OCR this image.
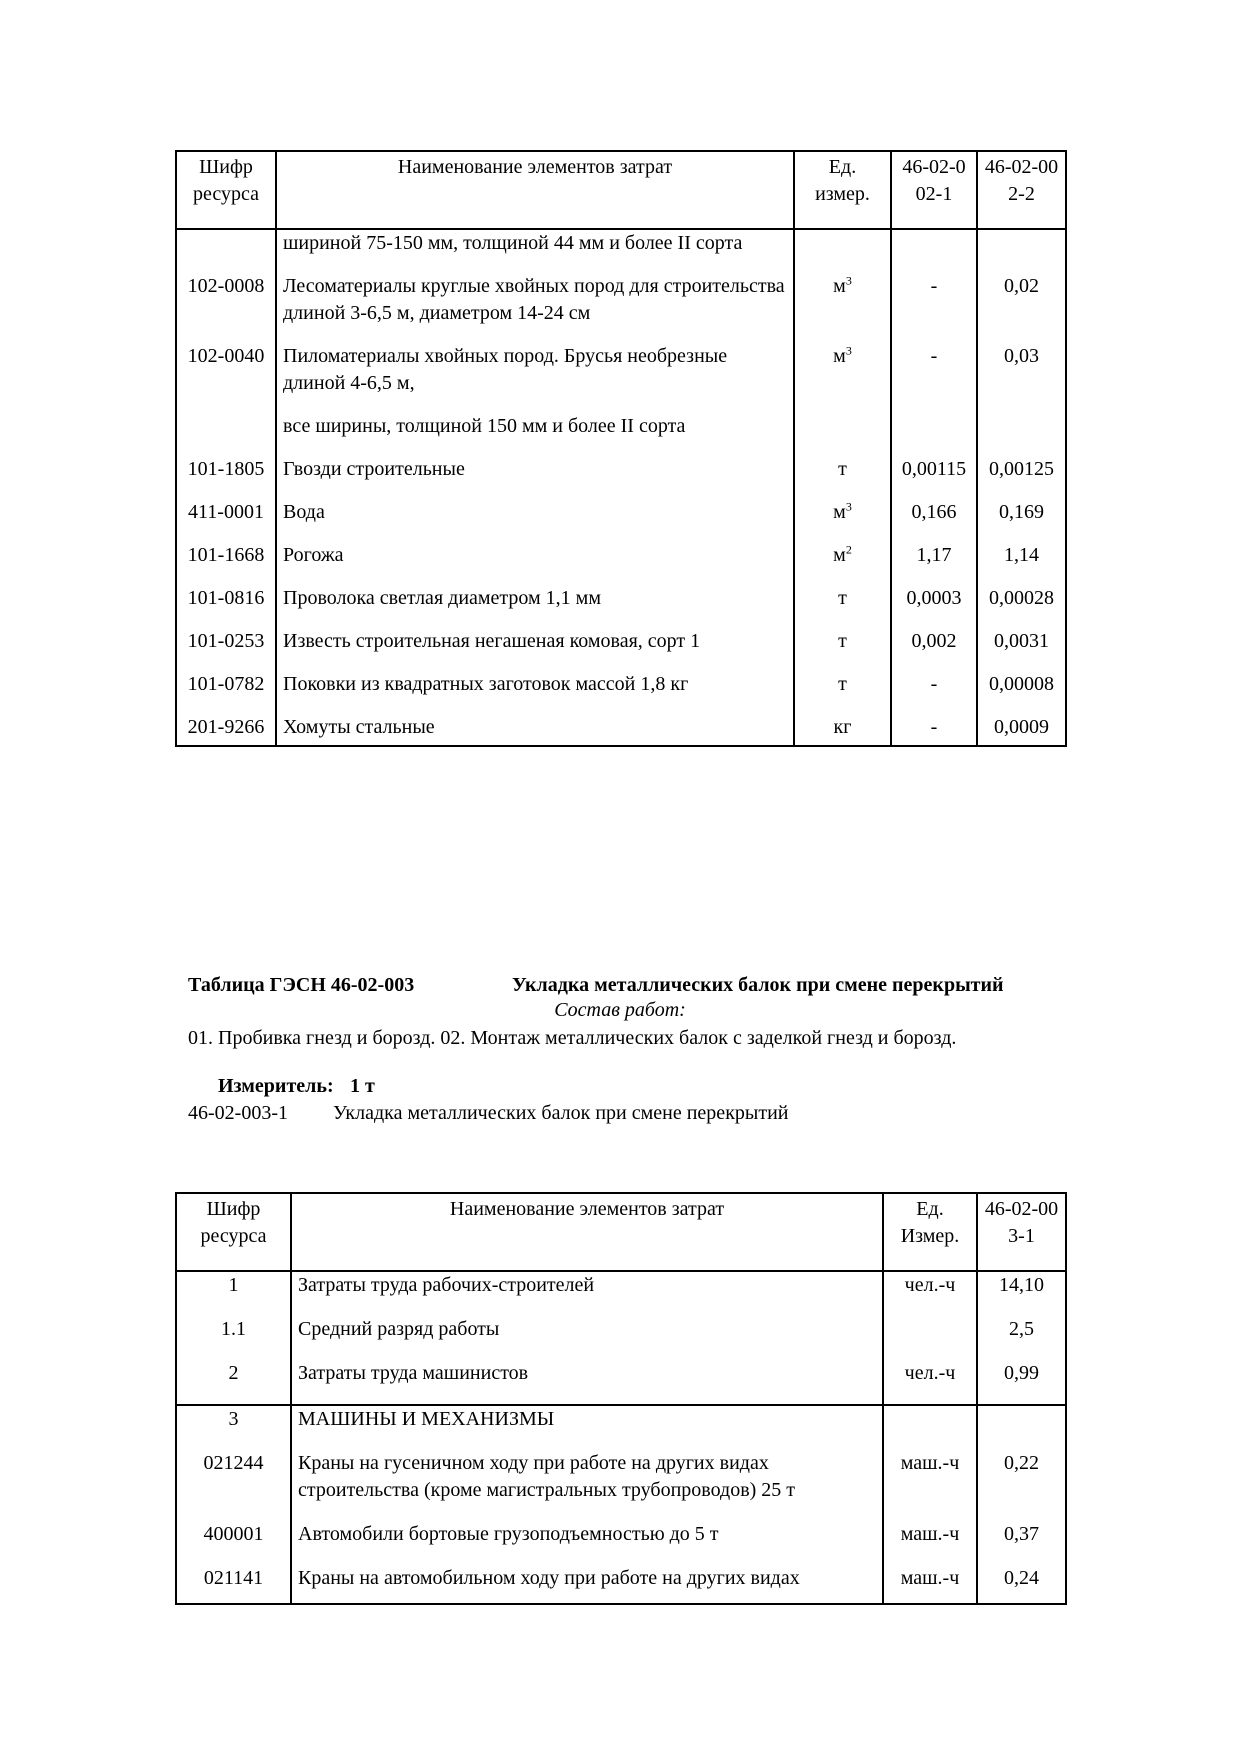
Шифр ресурса	Наименование элементов затрат	Ед. измер.	46-02-002-1	46-02-002-2
	шириной 75-150 мм, толщиной 44 мм и более II сорта			
102-0008	Лесоматериалы круглые хвойных пород для строительства длиной 3-6,5 м, диаметром 14-24 см	$м^3$	-	0,02
102-0040	Пиломатериалы хвойных пород. Брусья необрезные длиной 4-6,5 м,	$м^3$	-	0,03
	все ширины, толщиной 150 мм и более II сорта			
101-1805	Гвозди строительные	т	0,00115	0,00125
411-0001	Вода	$м^3$	0,166	0,169
101-1668	Рогожа	$м^2$	1,17	1,14
101-0816	Проволока светлая диаметром 1,1 мм	т	0,0003	0,00028
101-0253	Известь строительная негашеная комовая, сорт 1	т	0,002	0,0031
101-0782	Поковки из квадратных заготовок массой 1,8 кг	т	-	0,00008
201-9266	Хомуты стальные	кг	-	0,0009
Таблица ГЭСН 46-02-003	Укладка металлических балок при смене перекрытий
Состав работ:
01. Пробивка гнезд и борозд. 02. Монтаж металлических балок с заделкой гнезд и борозд.
Измеритель: 1 т
46-02-003-1 Укладка металлических балок при смене перекрытий
Шифр ресурса	Наименование элементов затрат	Ед. Измер.	46-02-003-1
1	Затраты труда рабочих-строителей	чел.-ч	14,10
1.1	Средний разряд работы		2,5
2	Затраты труда машинистов	чел.-ч	0,99
3	МАШИНЫ И МЕХАНИЗМЫ		
021244	Краны на гусеничном ходу при работе на других видах строительства (кроме магистральных трубопроводов) 25 т	маш.-ч	0,22
400001	Автомобили бортовые грузоподъемностью до 5 т	маш.-ч	0,37
021141	Краны на автомобильном ходу при работе на других видах	маш.-ч	0,24
